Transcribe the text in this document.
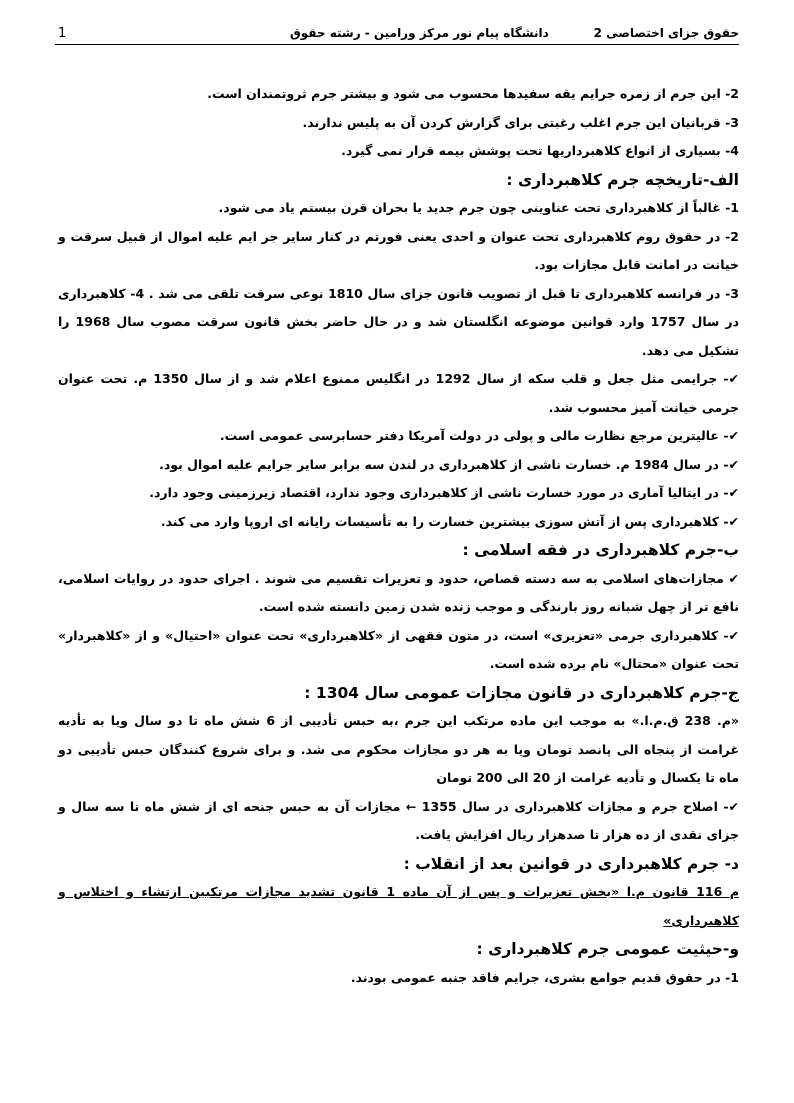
حقوق جزای اختصاصی 2
دانشگاه پیام نور مرکز ورامین - رشته حقوق
1

2- این جرم از زمره جرایم یقه سفیدها محسوب می شود و بیشتر جرم ثروتمندان است.

3- قربانیان این جرم اغلب رغبتی برای گزارش کردن آن به پلیس ندارند.

4- بسیاری از انواع کلاهبرداریها تحت پوشش بیمه قرار نمی گیرد.

الف-تاریخچه جرم کلاهبرداری :

1- غالباً از کلاهبرداری تحت عناوینی چون جرم جدید یا بحران قرن بیستم یاد می شود.

2- در حقوق روم کلاهبرداری تحت عنوان و احدی یعنی فورتم در کنار سایر جر ایم علیه اموال از قبیل سرقت و خیانت در امانت قابل مجازات بود.

3- در فرانسه کلاهبرداری تا قبل از تصویب قانون جزای سال 1810 نوعی سرقت تلقی می شد . 4- کلاهبرداری در سال 1757 وارد قوانین موضوعه انگلستان شد و در حال حاضر بخش قانون سرقت مصوب سال 1968 را تشکیل می دهد.

✔- جرایمی مثل جعل و قلب سکه از سال 1292 در انگلیس ممنوع اعلام شد و از سال 1350 م. تحت عنوان جرمی خیانت آمیز محسوب شد.

✔- عالیترین مرجع نظارت مالی و پولی در دولت آمریکا دفتر حسابرسی عمومی است.

✔- در سال 1984 م. خسارت ناشی از کلاهبرداری در لندن سه برابر سایر جرایم علیه اموال بود.

✔- در ایتالیا آماری در مورد خسارت ناشی از کلاهبرداری وجود ندارد، اقتصاد زیرزمینی وجود دارد.

✔- کلاهبرداری پس از آتش سوزی بیشترین خسارت را به تأسیسات رایانه ای اروپا وارد می کند.

ب-جرم کلاهبرداری در فقه اسلامی :

✔ مجازات‌های اسلامی به سه دسته قصاص، حدود و تعزیرات تقسیم می شوند . اجرای حدود در روایات اسلامی، نافع تر از چهل شبانه روز بارندگی و موجب زنده شدن زمین دانسته شده است.

✔- کلاهبرداری جرمی «تعزیری» است، در متون فقهی از «کلاهبرداری» تحت عنوان «احتیال» و از «کلاهبردار» تحت عنوان «محتال» نام برده شده است.

ج-جرم کلاهبرداری در قانون مجازات عمومی سال 1304 :

«م. 238 ق.م.ا.» به موجب این ماده مرتکب این جرم ،به حبس تأدیبی از 6 شش ماه تا دو سال ویا به تأدیه غرامت از پنجاه الی پانصد تومان ویا به هر دو مجازات محکوم می شد. و برای شروع کنندگان حبس تأدیبی دو ماه تا یکسال و تأدیه غرامت از 20 الی 200 تومان

✔- اصلاح جرم و مجازات کلاهبرداری در سال 1355 ← مجازات آن به حبس جنحه ای از شش ماه تا سه سال و جزای نقدی از ده هزار تا صدهزار ریال افزایش یافت.

د- جرم کلاهبرداری در قوانین بعد از انقلاب :

م 116 قانون م.ا «بخش تعزیرات و پس از آن ماده 1 قانون تشدید مجازات مرتکبین ارتشاء و اختلاس و کلاهبرداری»

و-حیثیت عمومی جرم کلاهبرداری :

1- در حقوق قدیم جوامع بشری، جرایم فاقد جنبه عمومی بودند.
